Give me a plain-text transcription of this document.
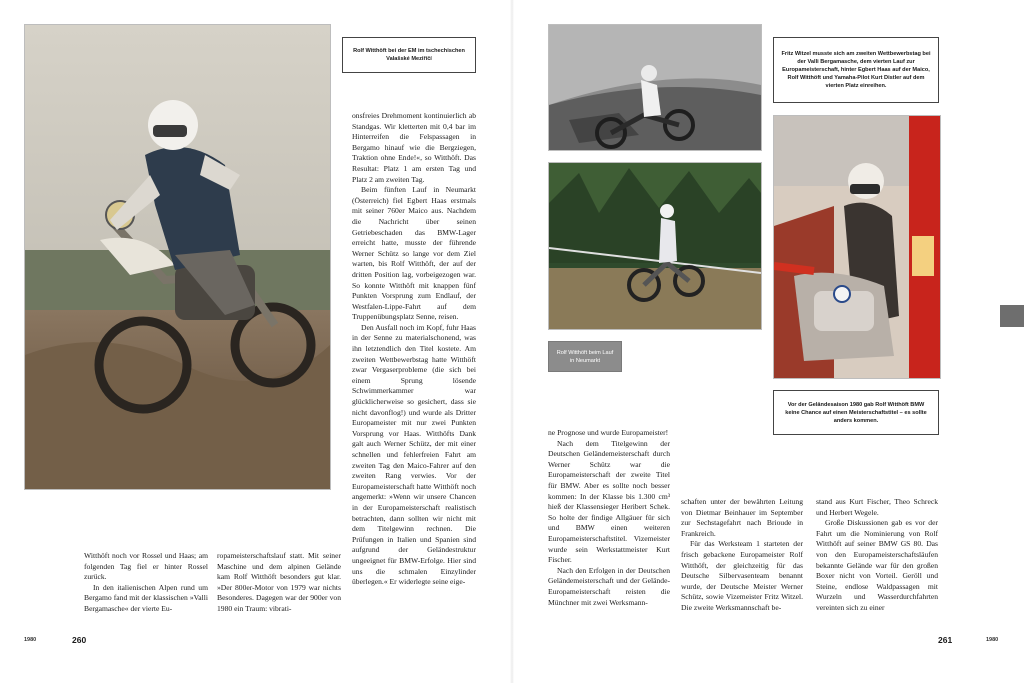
Rolf Witthöft bei der EM im tschechischen Valašské Meziříčí

Witthöft noch vor Rossel und Haas; am folgenden Tag fiel er hinter Rossel zurück.

In den italienischen Alpen rund um Bergamo fand mit der klassischen »Valli Bergamasche« der vierte Eu-

ropameisterschaftslauf statt. Mit seiner Maschine und dem alpinen Gelände kam Rolf Witthöft besonders gut klar. »Der 800er-Motor von 1979 war nichts Besonderes. Dagegen war der 900er von 1980 ein Traum: vibrati-

onsfreies Drehmoment kontinuierlich ab Standgas. Wir kletterten mit 0,4 bar im Hinterreifen die Felspassagen in Bergamo hinauf wie die Bergziegen, Traktion ohne Ende!«, so Witthöft. Das Resultat: Platz 1 am ersten Tag und Platz 2 am zweiten Tag.

Beim fünften Lauf in Neumarkt (Österreich) fiel Egbert Haas erstmals mit seiner 760er Maico aus. Nachdem die Nachricht über seinen Getriebeschaden das BMW-Lager erreicht hatte, musste der führende Werner Schütz so lange vor dem Ziel warten, bis Rolf Witthöft, der auf der dritten Position lag, vorbeigezogen war. So konnte Witthöft mit knappen fünf Punkten Vorsprung zum Endlauf, der Westfalen-Lippe-Fahrt auf dem Truppenübungsplatz Senne, reisen.

Den Ausfall noch im Kopf, fuhr Haas in der Senne zu materialschonend, was ihn letztendlich den Titel kostete. Am zweiten Wettbewerbstag hatte Witthöft zwar Vergaserprobleme (die sich bei einem Sprung lösende Schwimmerkammer war glücklicherweise so gesichert, dass sie nicht davonflog!) und wurde als Dritter Europameister mit nur zwei Punkten Vorsprung vor Haas. Witthöfts Dank galt auch Werner Schütz, der mit einer schnellen und fehlerfreien Fahrt am zweiten Tag den Maico-Fahrer auf den zweiten Rang verwies. Vor der Europameisterschaft hatte Witthöft noch angemerkt: »Wenn wir unsere Chancen in der Europameisterschaft realistisch betrachten, dann sollten wir nicht mit dem Titelgewinn rechnen. Die Prüfungen in Italien und Spanien sind aufgrund der Geländestruktur ungeeignet für BMW-Erfolge. Hier sind uns die schmalen Einzylinder überlegen.« Er widerlegte seine eige-

1980	260
Fritz Witzel musste sich am zweiten Wettbewerbstag bei der Valli Bergamasche, dem vierten Lauf zur Europameisterschaft, hinter Egbert Haas auf der Maico, Rolf Witthöft und Yamaha-Pilot Kurt Distler auf dem vierten Platz einreihen.
Rolf Witthöft beim Lauf in Neumarkt
Vor der Geländesaison 1980 gab Rolf Witthöft BMW keine Chance auf einen Meisterschaftstitel – es sollte anders kommen.

ne Prognose und wurde Europameister!

Nach dem Titelgewinn der Deutschen Geländemeisterschaft durch Werner Schütz war die Europameisterschaft der zweite Titel für BMW. Aber es sollte noch besser kommen: In der Klasse bis 1.300 cm³ hieß der Klassensieger Heribert Schek. So holte der findige Allgäuer für sich und BMW einen weiteren Europameisterschaftstitel. Vizemeister wurde sein Werkstattmeister Kurt Fischer.

Nach den Erfolgen in der Deutschen Geländemeisterschaft und der Gelände-Europameisterschaft reisten die Münchner mit zwei Werksmann-

schaften unter der bewährten Leitung von Dietmar Beinhauer im September zur Sechstagefahrt nach Brioude in Frankreich.

Für das Werksteam 1 starteten der frisch gebackene Europameister Rolf Witthöft, der gleichzeitig für das Deutsche Silbervasenteam benannt wurde, der Deutsche Meister Werner Schütz, sowie Vizemeister Fritz Witzel. Die zweite Werksmannschaft be-

stand aus Kurt Fischer, Theo Schreck und Herbert Wegele.

Große Diskussionen gab es vor der Fahrt um die Nominierung von Rolf Witthöft auf seiner BMW GS 80. Das von den Europameisterschaftsläufen bekannte Gelände war für den großen Boxer nicht von Vorteil. Geröll und Steine, endlose Waldpassagen mit Wurzeln und Wasserdurchfahrten vereinten sich zu einer

261	1980
